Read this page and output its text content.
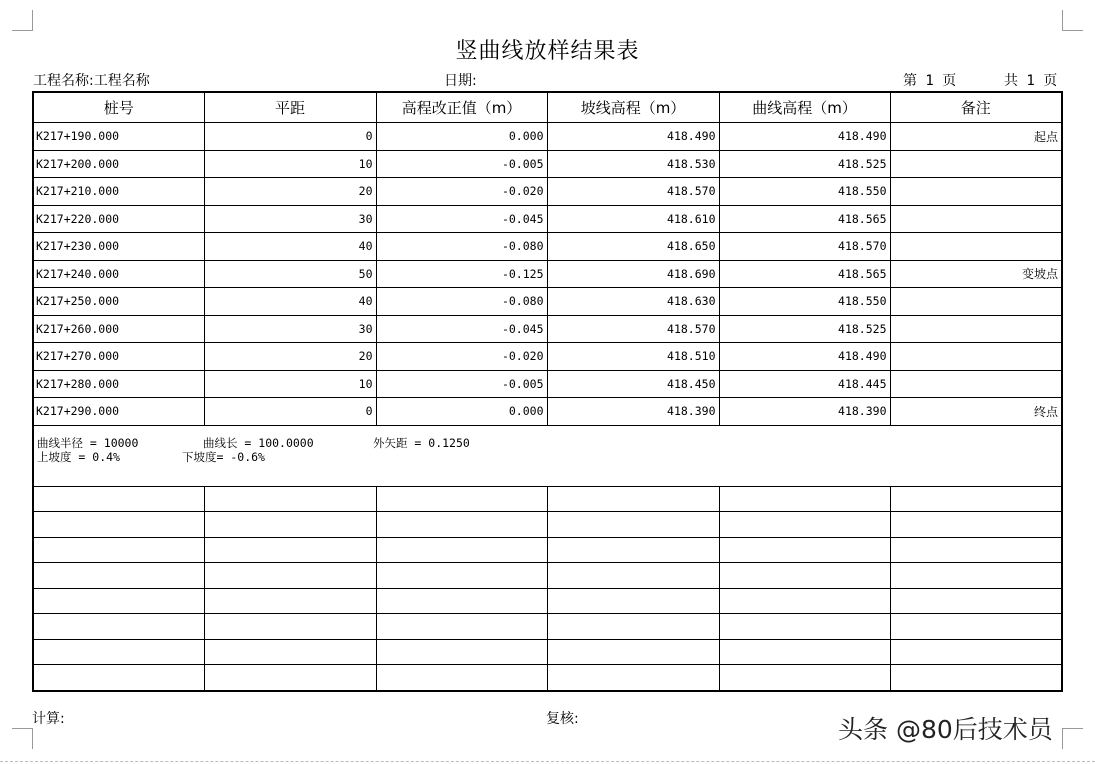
竖曲线放样结果表
工程名称:工程名称	日期:	第 1 页	共 1 页
桩号	平距	高程改正值（m）	坡线高程（m）	曲线高程（m）	备注
K217+190.000	0	0.000	418.490	418.490	起点
K217+200.000	10	-0.005	418.530	418.525	
K217+210.000	20	-0.020	418.570	418.550	
K217+220.000	30	-0.045	418.610	418.565	
K217+230.000	40	-0.080	418.650	418.570	
K217+240.000	50	-0.125	418.690	418.565	变坡点
K217+250.000	40	-0.080	418.630	418.550	
K217+260.000	30	-0.045	418.570	418.525	
K217+270.000	20	-0.020	418.510	418.490	
K217+280.000	10	-0.005	418.450	418.445	
K217+290.000	0	0.000	418.390	418.390	终点

曲线半径 = 10000 曲线长 = 100.0000 外矢距 = 0.1250
上坡度 = 0.4% 下坡度= -0.6%					

计算:	复核:	头条 @80后技术员
